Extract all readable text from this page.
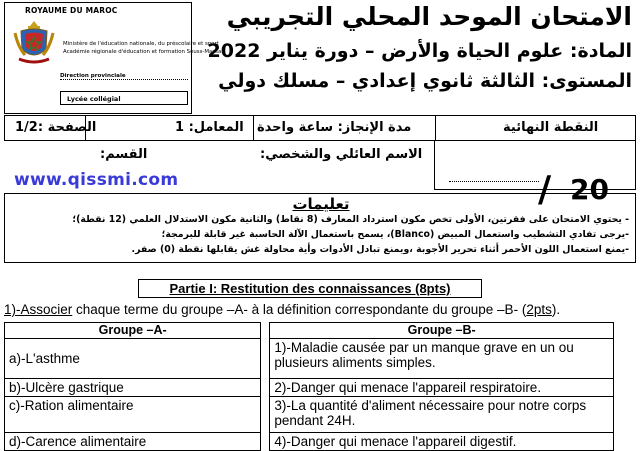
الامتحان الموحد المحلي التجريبي
المادة: علوم الحياة والأرض – دورة يناير 2022
المستوى: الثالثة ثانوي إعدادي – مسلك دولي
ROYAUME DU MAROC
Ministère de l'éducation nationale, du préscolaire et sport
Académie régionale d'éducation et formation Souss-Massa
Direction provinciale
Lycée collégial
الصفحة :1/2	المعامل: 1 مدة الإنجاز: ساعة واحدة	النقطة النهائية
القسم:	الاسم العائلي والشخصي:
/ 20
www.qissmi.com
تعليمات
- يحتوي الامتحان على فقرتين، الأولى تخص مكون استرداد المعارف (8 نقاط) والثانية مكون الاستدلال العلمي (12 نقطة)؛
-يرجى تفادي التشطيب واستعمال المبيض (Blanco)، يسمح باستعمال الآلة الحاسبة غير قابلة للبرمجة؛
-يمنع استعمال اللون الأحمر أثناء تحرير الأجوبة ،ويمنع تبادل الأدوات وأية محاولة غش يقابلها نقطة (0) صفر.
Partie I: Restitution des connaissances (8pts)
1)-Associer chaque terme du groupe –A- à la définition correspondante du groupe –B- (2pts).
Groupe –A-		Groupe –B-
a)-L'asthme		1)-Maladie causée par un manque grave en un ou plusieurs aliments simples.
b)-Ulcère gastrique		2)-Danger qui menace l'appareil respiratoire.
c)-Ration alimentaire		3)-La quantité d'aliment nécessaire pour notre corps pendant 24H.
d)-Carence alimentaire		4)-Danger qui menace l'appareil digestif.
